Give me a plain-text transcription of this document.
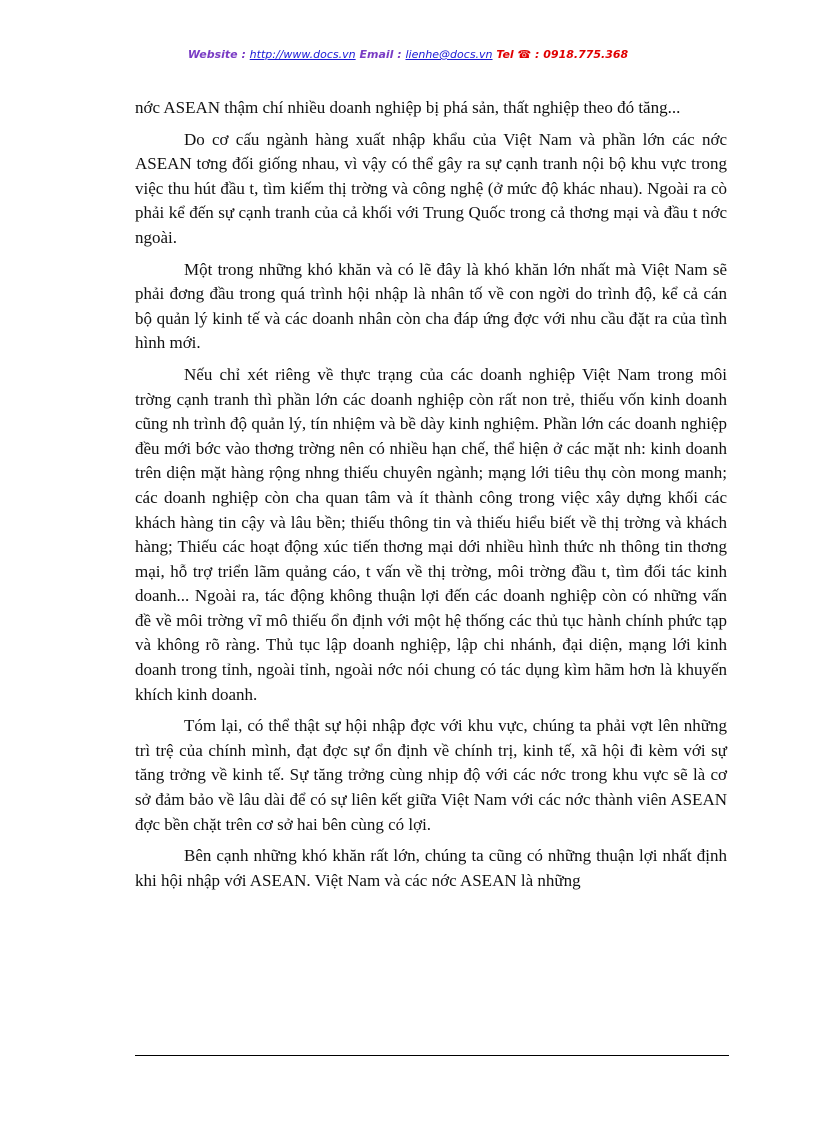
Website : http://www.docs.vn Email : lienhe@docs.vn Tel ☎ : 0918.775.368

nớc ASEAN thậm chí nhiều doanh nghiệp bị phá sản, thất nghiệp theo đó tăng...

Do cơ cấu ngành hàng xuất nhập khẩu của Việt Nam và phần lớn các nớc ASEAN tơng đối giống nhau, vì vậy có thể gây ra sự cạnh tranh nội bộ khu vực trong việc thu hút đầu t, tìm kiếm thị trờng và công nghệ (ở mức độ khác nhau). Ngoài ra cò phải kể đến sự cạnh tranh của cả khối với Trung Quốc trong cả thơng mại và đầu t nớc ngoài.

Một trong những khó khăn và có lẽ đây là khó khăn lớn nhất mà Việt Nam sẽ phải đơng đầu trong quá trình hội nhập là nhân tố về con ngời do trình độ, kể cả cán bộ quản lý kinh tế và các doanh nhân còn cha đáp ứng đợc với nhu cầu đặt ra của tình hình mới.

Nếu chỉ xét riêng về thực trạng của các doanh nghiệp Việt Nam trong môi trờng cạnh tranh thì phần lớn các doanh nghiệp còn rất non trẻ, thiếu vốn kinh doanh cũng nh trình độ quản lý, tín nhiệm và bề dày kinh nghiệm. Phần lớn các doanh nghiệp đều mới bớc vào thơng trờng nên có nhiều hạn chế, thể hiện ở các mặt nh: kinh doanh trên diện mặt hàng rộng nhng thiếu chuyên ngành; mạng lới tiêu thụ còn mong manh; các doanh nghiệp còn cha quan tâm và ít thành công trong việc xây dựng khối các khách hàng tin cậy và lâu bền; thiếu thông tin và thiếu hiểu biết về thị trờng và khách hàng; Thiếu các hoạt động xúc tiến thơng mại dới nhiều hình thức nh thông tin thơng mại, hỗ trợ triển lãm quảng cáo, t vấn về thị trờng, môi trờng đầu t, tìm đối tác kinh doanh... Ngoài ra, tác động không thuận lợi đến các doanh nghiệp còn có những vấn đề về môi trờng vĩ mô thiếu ổn định với một hệ thống các thủ tục hành chính phức tạp và không rõ ràng. Thủ tục lập doanh nghiệp, lập chi nhánh, đại diện, mạng lới kinh doanh trong tỉnh, ngoài tỉnh, ngoài nớc nói chung có tác dụng kìm hãm hơn là khuyến khích kinh doanh.

Tóm lại, có thể thật sự hội nhập đợc với khu vực, chúng ta phải vợt lên những trì trệ của chính mình, đạt đợc sự ổn định về chính trị, kinh tế, xã hội đi kèm với sự tăng trởng về kinh tế. Sự tăng trởng cùng nhịp độ với các nớc trong khu vực sẽ là cơ sở đảm bảo về lâu dài để có sự liên kết giữa Việt Nam với các nớc thành viên ASEAN đợc bền chặt trên cơ sở hai bên cùng có lợi.

Bên cạnh những khó khăn rất lớn, chúng ta cũng có những thuận lợi nhất định khi hội nhập với ASEAN. Việt Nam và các nớc ASEAN là những
